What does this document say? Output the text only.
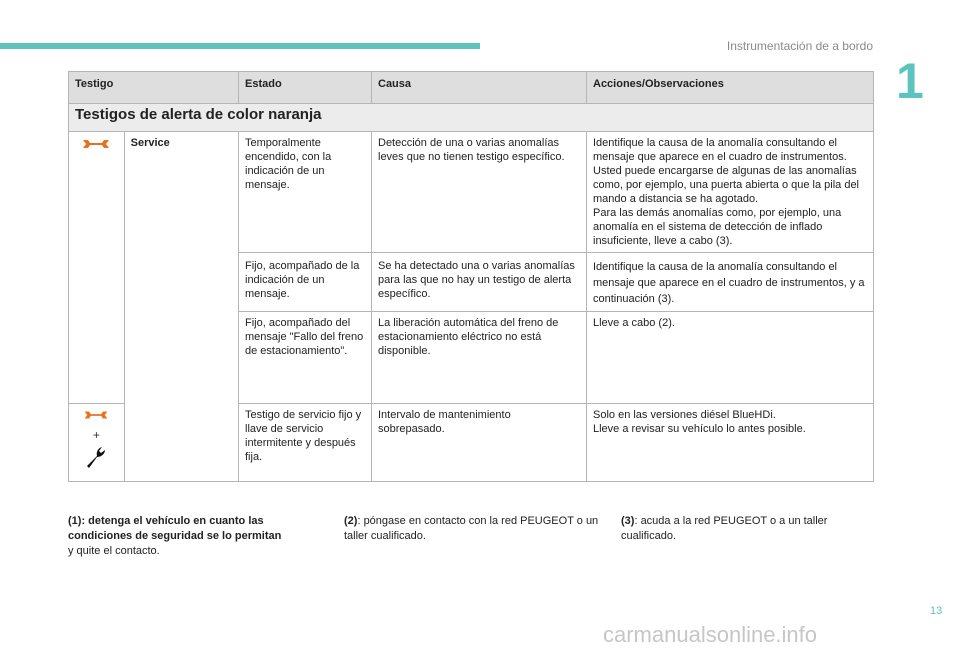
Instrumentación de a bordo
1
Testigo		Estado	Causa	Acciones/Observaciones
Testigos de alerta de color naranja				
	Service	Temporalmente encendido, con la indicación de un mensaje.	Detección de una o varias anomalías leves que no tienen testigo específico.	Identifique la causa de la anomalía consultando el mensaje que aparece en el cuadro de instrumentos.
Usted puede encargarse de algunas de las anomalías como, por ejemplo, una puerta abierta o que la pila del mando a distancia se ha agotado.
Para las demás anomalías como, por ejemplo, una anomalía en el sistema de detección de inflado insuficiente, lleve a cabo (3).
		Fijo, acompañado de la indicación de un mensaje.	Se ha detectado una o varias anomalías para las que no hay un testigo de alerta específico.	Identifique la causa de la anomalía consultando el mensaje que aparece en el cuadro de instrumentos, y a continuación (3).
		Fijo, acompañado del mensaje "Fallo del freno de estacionamiento".	La liberación automática del freno de estacionamiento eléctrico no está disponible.	Lleve a cabo (2).

+		Testigo de servicio fijo y llave de servicio intermitente y después fija.	Intervalo de mantenimiento sobrepasado.	Solo en las versiones diésel BlueHDi.
Lleve a revisar su vehículo lo antes posible.
(1): detenga el vehículo en cuanto las condiciones de seguridad se lo permitan
y quite el contacto.
(2): póngase en contacto con la red PEUGEOT o un taller cualificado.
(3): acuda a la red PEUGEOT o a un taller cualificado.
13
carmanualsonline.info
